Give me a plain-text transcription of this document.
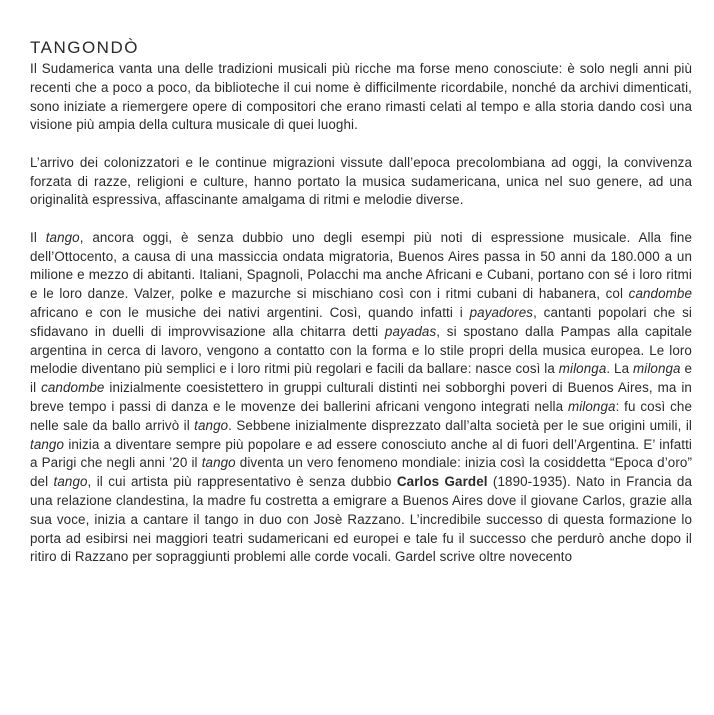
TANGONDÒ

Il Sudamerica vanta una delle tradizioni musicali più ricche ma forse meno conosciute: è solo negli anni più recenti che a poco a poco, da biblioteche il cui nome è difficilmente ricordabile, nonché da archivi dimenticati, sono iniziate a riemergere opere di compositori che erano rimasti celati al tempo e alla storia dando così una visione più ampia della cultura musicale di quei luoghi.

L’arrivo dei colonizzatori e le continue migrazioni vissute dall’epoca precolombiana ad oggi, la convivenza forzata di razze, religioni e culture, hanno portato la musica sudamericana, unica nel suo genere, ad una originalità espressiva, affascinante amalgama di ritmi e melodie diverse.

Il tango, ancora oggi, è senza dubbio uno degli esempi più noti di espressione musicale. Alla fine dell’Ottocento, a causa di una massiccia ondata migratoria, Buenos Aires passa in 50 anni da 180.000 a un milione e mezzo di abitanti. Italiani, Spagnoli, Polacchi ma anche Africani e Cubani, portano con sé i loro ritmi e le loro danze. Valzer, polke e mazurche si mischiano così con i ritmi cubani di habanera, col candombe africano e con le musiche dei nativi argentini. Così, quando infatti i payadores, cantanti popolari che si sfidavano in duelli di improvvisazione alla chitarra detti payadas, si spostano dalla Pampas alla capitale argentina in cerca di lavoro, vengono a contatto con la forma e lo stile propri della musica europea. Le loro melodie diventano più semplici e i loro ritmi più regolari e facili da ballare: nasce così la milonga. La milonga e il candombe inizialmente coesistettero in gruppi culturali distinti nei sobborghi poveri di Buenos Aires, ma in breve tempo i passi di danza e le movenze dei ballerini africani vengono integrati nella milonga: fu così che nelle sale da ballo arrivò il tango. Sebbene inizialmente disprezzato dall’alta società per le sue origini umili, il tango inizia a diventare sempre più popolare e ad essere conosciuto anche al di fuori dell’Argentina. E’ infatti a Parigi che negli anni ’20 il tango diventa un vero fenomeno mondiale: inizia così la cosiddetta “Epoca d’oro” del tango, il cui artista più rappresentativo è senza dubbio Carlos Gardel (1890-1935). Nato in Francia da una relazione clandestina, la madre fu costretta a emigrare a Buenos Aires dove il giovane Carlos, grazie alla sua voce, inizia a cantare il tango in duo con Josè Razzano. L’incredibile successo di questa formazione lo porta ad esibirsi nei maggiori teatri sudamericani ed europei e tale fu il successo che perdurò anche dopo il ritiro di Razzano per sopraggiunti problemi alle corde vocali. Gardel scrive oltre novecento
